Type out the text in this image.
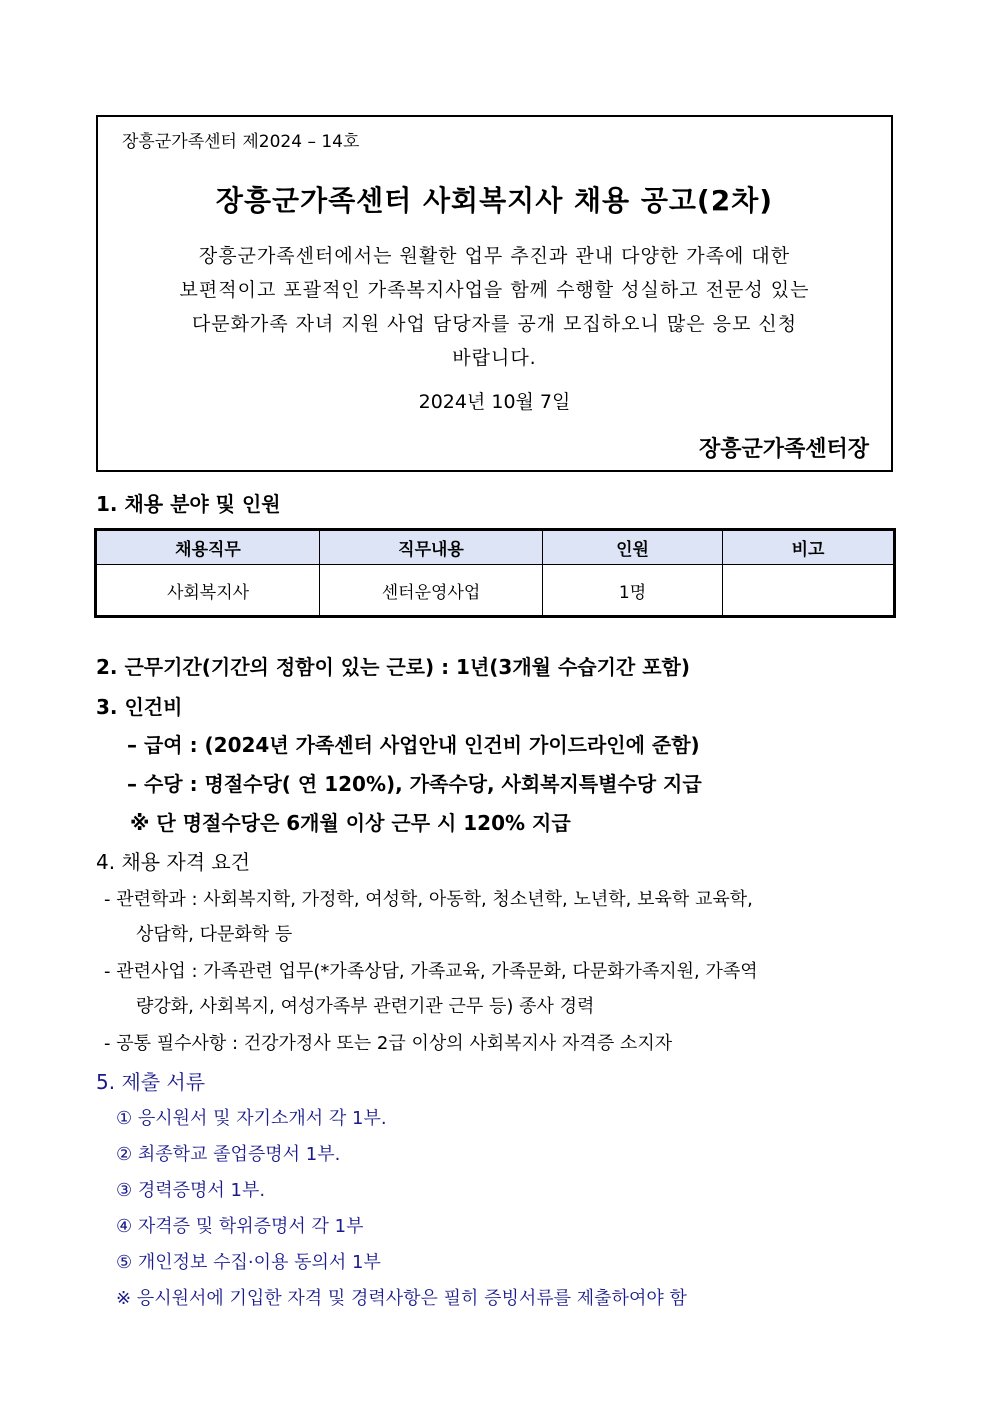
장흥군가족센터 제2024 – 14호
장흥군가족센터 사회복지사 채용 공고(2차)
장흥군가족센터에서는 원활한 업무 추진과 관내 다양한 가족에 대한
보편적이고 포괄적인 가족복지사업을 함께 수행할 성실하고 전문성 있는
다문화가족 자녀 지원 사업 담당자를 공개 모집하오니 많은 응모 신청
바랍니다.
2024년 10월 7일
장흥군가족센터장
1. 채용 분야 및 인원
채용직무	직무내용	인원	비고
사회복지사	센터운영사업	1명	
2. 근무기간(기간의 정함이 있는 근로) : 1년(3개월 수습기간 포함)
3. 인건비
– 급여 : (2024년 가족센터 사업안내 인건비 가이드라인에 준함)
– 수당 : 명절수당( 연 120%), 가족수당, 사회복지특별수당 지급
※ 단 명절수당은 6개월 이상 근무 시 120% 지급
4. 채용 자격 요건
- 관련학과 : 사회복지학, 가정학, 여성학, 아동학, 청소년학, 노년학, 보육학 교육학,
상담학, 다문화학 등
- 관련사업 : 가족관련 업무(*가족상담, 가족교육, 가족문화, 다문화가족지원, 가족역
량강화, 사회복지, 여성가족부 관련기관 근무 등) 종사 경력
- 공통 필수사항 : 건강가정사 또는 2급 이상의 사회복지사 자격증 소지자
5. 제출 서류
① 응시원서 및 자기소개서 각 1부.
② 최종학교 졸업증명서 1부.
③ 경력증명서 1부.
④ 자격증 및 학위증명서 각 1부
⑤ 개인정보 수집·이용 동의서 1부
※ 응시원서에 기입한 자격 및 경력사항은 필히 증빙서류를 제출하여야 함
